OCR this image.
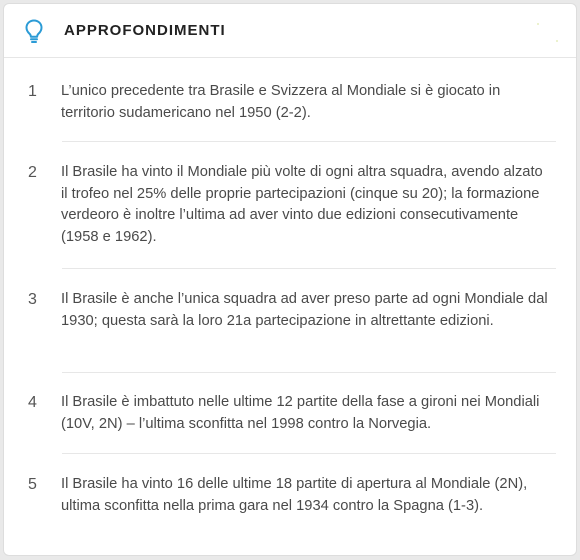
APPROFONDIMENTI
1 L’unico precedente tra Brasile e Svizzera al Mondiale si è giocato in territorio sudamericano nel 1950 (2-2).
2 Il Brasile ha vinto il Mondiale più volte di ogni altra squadra, avendo alzato il trofeo nel 25% delle proprie partecipazioni (cinque su 20); la formazione verdeoro è inoltre l’ultima ad aver vinto due edizioni consecutivamente (1958 e 1962).
3 Il Brasile è anche l’unica squadra ad aver preso parte ad ogni Mondiale dal 1930; questa sarà la loro 21a partecipazione in altrettante edizioni.
4 Il Brasile è imbattuto nelle ultime 12 partite della fase a gironi nei Mondiali (10V, 2N) – l’ultima sconfitta nel 1998 contro la Norvegia.
5 Il Brasile ha vinto 16 delle ultime 18 partite di apertura al Mondiale (2N), ultima sconfitta nella prima gara nel 1934 contro la Spagna (1-3).
